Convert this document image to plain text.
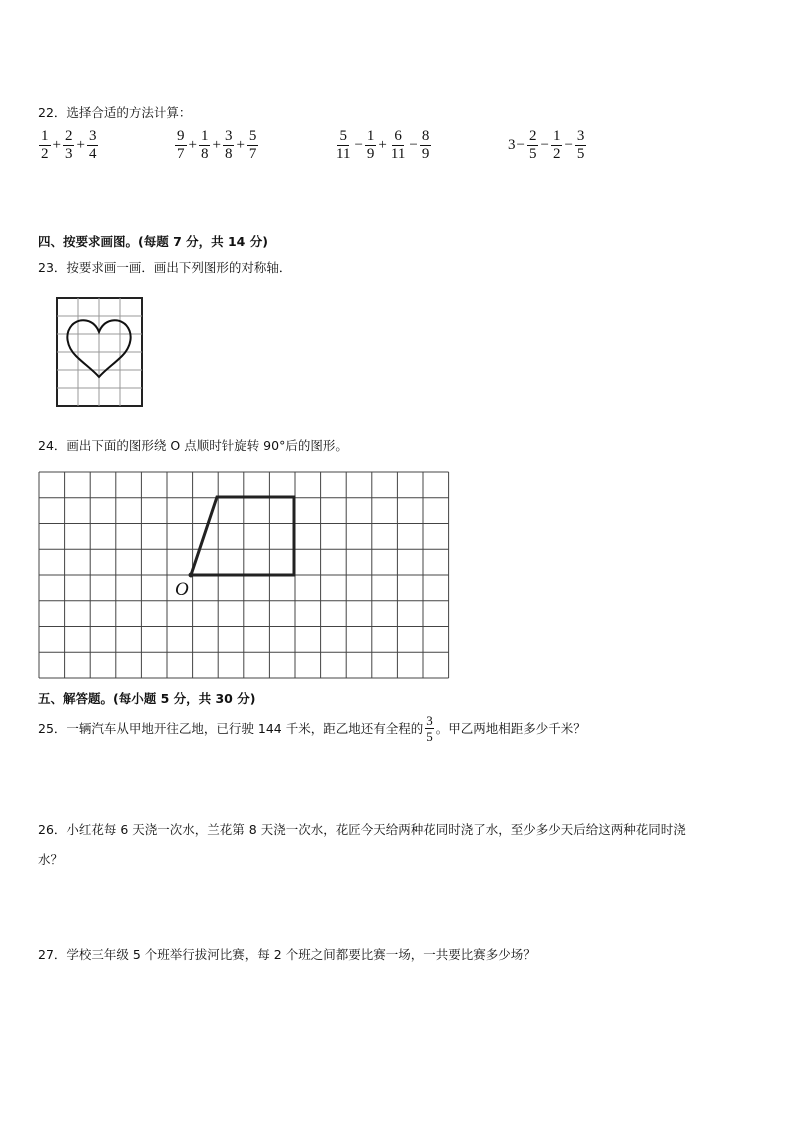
22．选择合适的方法计算：
$\frac{1}{2} + \frac{2}{3} + \frac{3}{4}$	$\frac{9}{7} + \frac{1}{8} + \frac{3}{8} + \frac{5}{7}$	$\frac{5}{11} - \frac{1}{9} + \frac{6}{11} - \frac{8}{9}$	$3 - \frac{2}{5} - \frac{1}{2} - \frac{3}{5}$
四、按要求画图。(每题 7 分，共 14 分)
23．按要求画一画．画出下列图形的对称轴．
24．画出下面的图形绕 O 点顺时针旋转 90°后的图形。
O
五、解答题。(每小题 5 分，共 30 分)
25．一辆汽车从甲地开往乙地，已行驶 144 千米，距乙地还有全程的 $\frac{3}{5}$ 。甲乙两地相距多少千米？
26．小红花每 6 天浇一次水，兰花第 8 天浇一次水，花匠今天给两种花同时浇了水，至少多少天后给这两种花同时浇
水？
27．学校三年级 5 个班举行拔河比赛，每 2 个班之间都要比赛一场，一共要比赛多少场？
